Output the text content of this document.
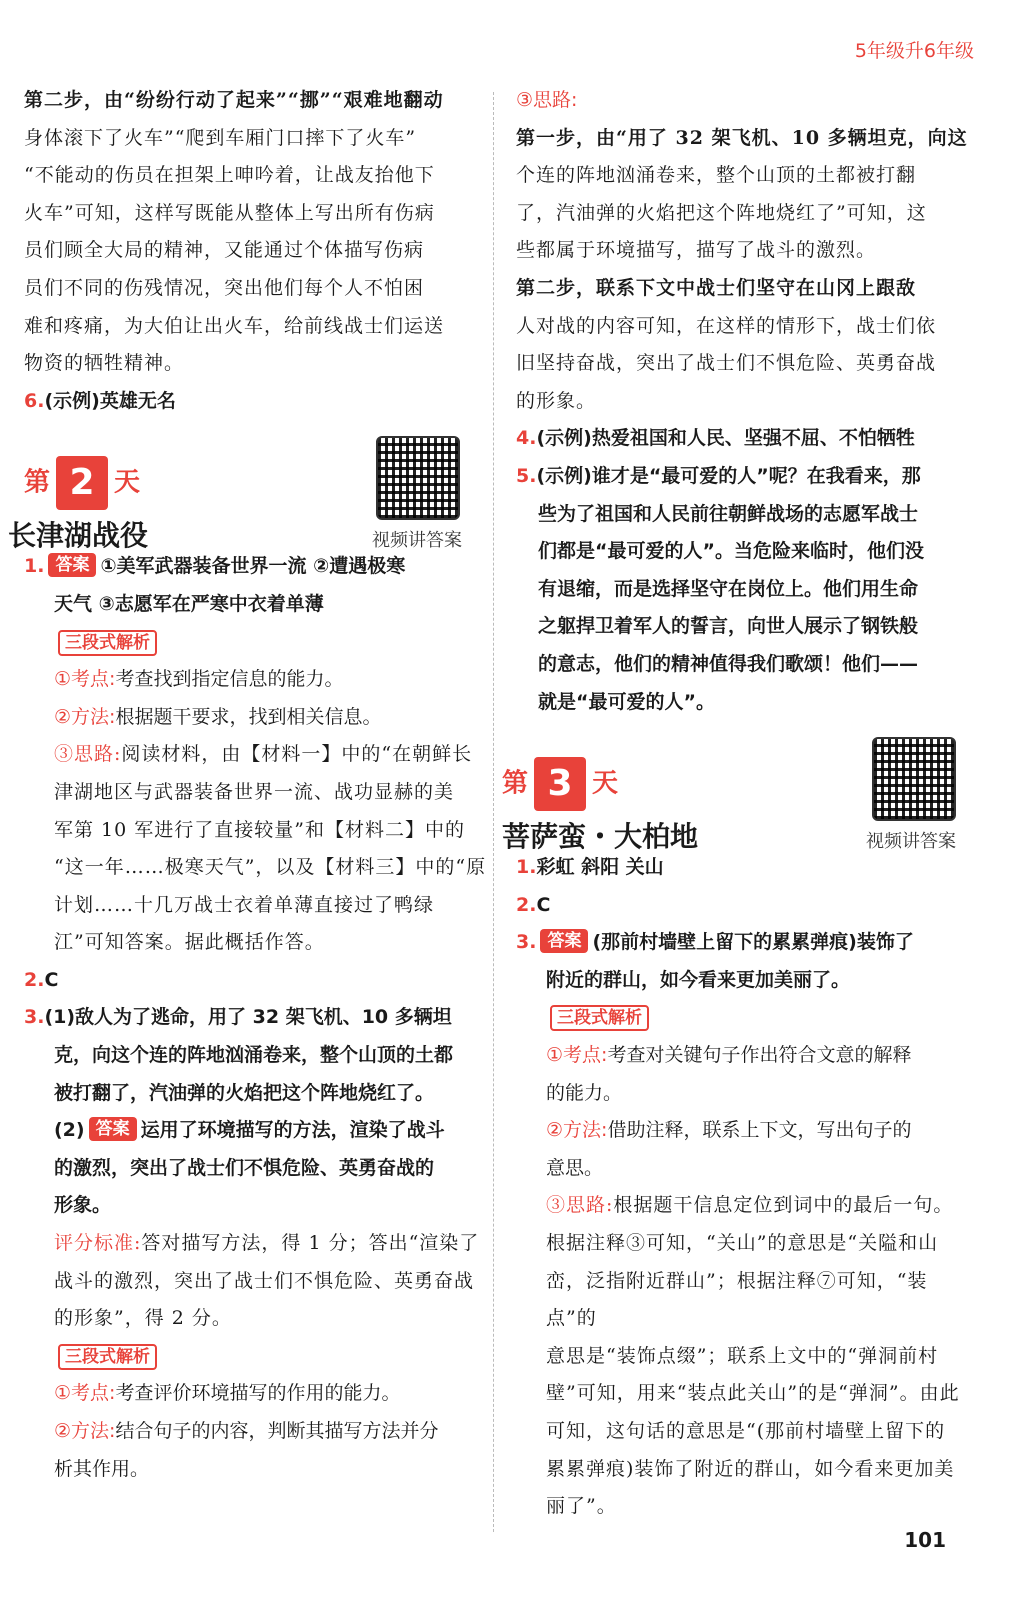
5年级升6年级

第二步，由“纷纷行动了起来”“挪”“艰难地翻动

身体滚下了火车”“爬到车厢门口摔下了火车”

“不能动的伤员在担架上呻吟着，让战友抬他下

火车”可知，这样写既能从整体上写出所有伤病

员们顾全大局的精神，又能通过个体描写伤病

员们不同的伤残情况，突出他们每个人不怕困

难和疼痛，为大伯让出火车，给前线战士们运送

物资的牺牲精神。

6.(示例)英雄无名

第 2 天
长津湖战役	视频讲答案

1. 答案 ①美军武器装备世界一流 ②遭遇极寒

天气 ③志愿军在严寒中衣着单薄

三段式解析

①考点:考查找到指定信息的能力。

②方法:根据题干要求，找到相关信息。

③思路:阅读材料，由【材料一】中的“在朝鲜长

津湖地区与武器装备世界一流、战功显赫的美

军第 10 军进行了直接较量”和【材料二】中的

“这一年……极寒天气”，以及【材料三】中的“原

计划……十几万战士衣着单薄直接过了鸭绿

江”可知答案。据此概括作答。

2.C

3.(1)敌人为了逃命，用了 32 架飞机、10 多辆坦

克，向这个连的阵地汹涌卷来，整个山顶的土都

被打翻了，汽油弹的火焰把这个阵地烧红了。

(2) 答案 运用了环境描写的方法，渲染了战斗

的激烈，突出了战士们不惧危险、英勇奋战的

形象。

评分标准:答对描写方法，得 1 分；答出“渲染了

战斗的激烈，突出了战士们不惧危险、英勇奋战

的形象”，得 2 分。

三段式解析

①考点:考查评价环境描写的作用的能力。

②方法:结合句子的内容，判断其描写方法并分

析其作用。

③思路:

第一步，由“用了 32 架飞机、10 多辆坦克，向这

个连的阵地汹涌卷来，整个山顶的土都被打翻

了，汽油弹的火焰把这个阵地烧红了”可知，这

些都属于环境描写，描写了战斗的激烈。

第二步，联系下文中战士们坚守在山冈上跟敌

人对战的内容可知，在这样的情形下，战士们依

旧坚持奋战，突出了战士们不惧危险、英勇奋战

的形象。

4.(示例)热爱祖国和人民、坚强不屈、不怕牺牲

5.(示例)谁才是“最可爱的人”呢？在我看来，那

些为了祖国和人民前往朝鲜战场的志愿军战士

们都是“最可爱的人”。当危险来临时，他们没

有退缩，而是选择坚守在岗位上。他们用生命

之躯捍卫着军人的誓言，向世人展示了钢铁般

的意志，他们的精神值得我们歌颂！他们——

就是“最可爱的人”。

第 3 天
菩萨蛮・大柏地	视频讲答案

1.彩虹 斜阳 关山

2.C

3. 答案 (那前村墙壁上留下的累累弹痕)装饰了

附近的群山，如今看来更加美丽了。

三段式解析

①考点:考查对关键句子作出符合文意的解释

的能力。

②方法:借助注释，联系上下文，写出句子的

意思。

③思路:根据题干信息定位到词中的最后一句。

根据注释③可知，“关山”的意思是“关隘和山

峦，泛指附近群山”；根据注释⑦可知，“装点”的

意思是“装饰点缀”；联系上文中的“弹洞前村

壁”可知，用来“装点此关山”的是“弹洞”。由此

可知，这句话的意思是“(那前村墙壁上留下的

累累弹痕)装饰了附近的群山，如今看来更加美

丽了”。

101
